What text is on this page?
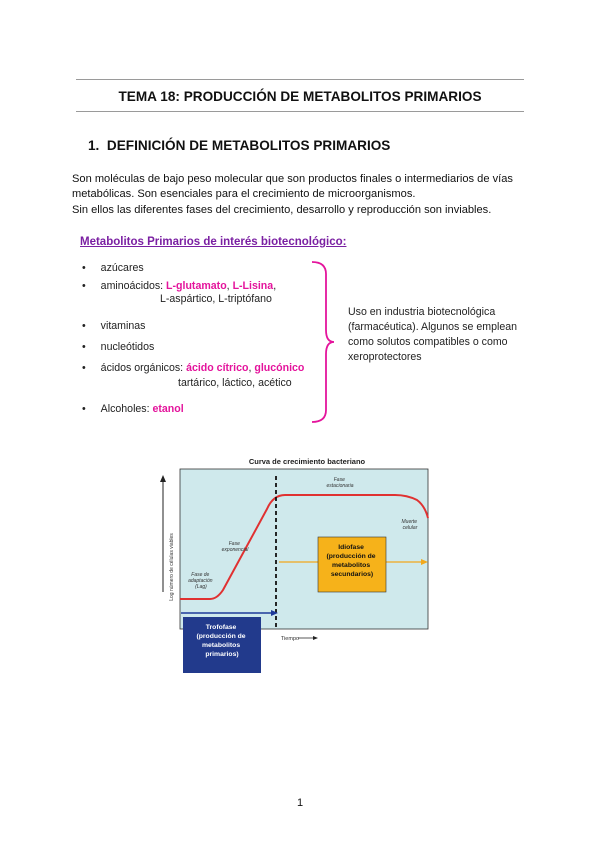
TEMA 18: PRODUCCIÓN DE METABOLITOS PRIMARIOS
1. DEFINICIÓN DE METABOLITOS PRIMARIOS
Son moléculas de bajo peso molecular que son productos finales o intermediarios de vías
metabólicas. Son esenciales para el crecimiento de microorganismos.
Sin ellos las diferentes fases del crecimiento, desarrollo y reproducción son inviables.
Metabolitos Primarios de interés biotecnológico:
• azúcares
• aminoácidos: L-glutamato, L-Lisina,
L-aspártico, L-triptófano
• vitaminas
• nucleótidos
• ácidos orgánicos: ácido cítrico, glucónico
tartárico, láctico, acético
• Alcoholes: etanol
Uso en industria biotecnológica
(farmacéutica). Algunos se emplean
como solutos compatibles o como
xeroprotectores
Curva de crecimiento bacteriano
Log número de células viables	Fase exponencial
Fase estacionaria
Muerte celular
Fase de adaptación (Lag)
Idiofase (producción de metabolitos secundarios)
Tiempo
Trofofase (producción de metabolitos primarios)
1
